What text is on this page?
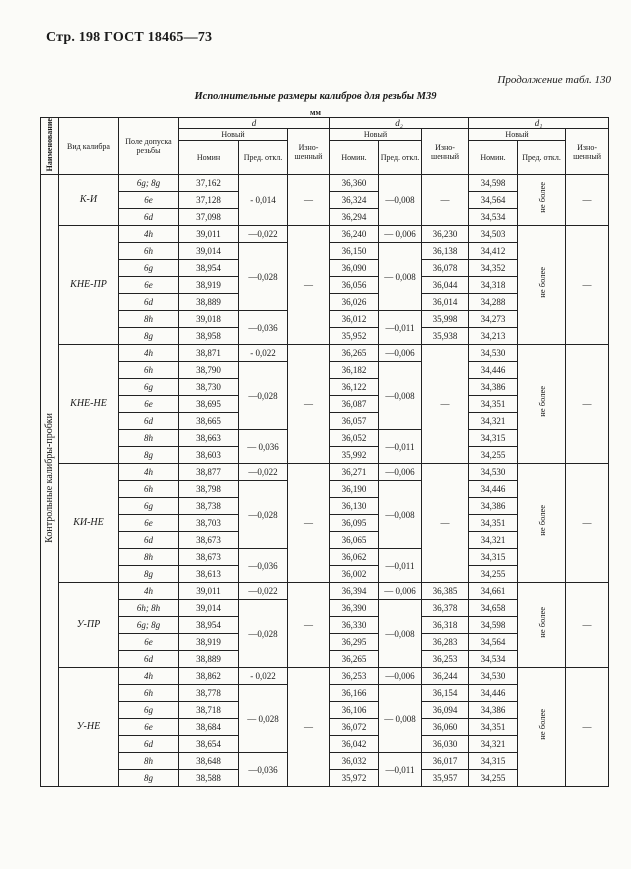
Стр. 198 ГОСТ 18465—73
Продолжение табл. 130
Исполнительные размеры калибров для резьбы М39
мм
Наименование	Вид калибра	Поле допуска резьбы	d			d₂			d₁		
			Новый		Изно-шенный	Новый		Изно-шенный	Новый		Изно-шенный
			Номин	Пред. откл.		Номин.	Пред. откл.		Номин.	Пред. откл.	
Контрольные калибры-пробки	К-И	6g; 8g	37,162	- 0,014	—	36,360	—0,008	—	34,598	не более	—
		6e	37,128			36,324			34,564		
		6d	37,098			36,294			34,534		
	КНЕ-ПР	4h	39,011	—0,022	—	36,240	— 0,006	36,230	34,503	не более	—
		6h	39,014	—0,028		36,150	— 0,008	36,138	34,412		
		6g	38,954			36,090		36,078	34,352		
		6e	38,919			36,056		36,044	34,318		
		6d	38,889			36,026		36,014	34,288		
		8h	39,018	—0,036		36,012	—0,011	35,998	34,273		
		8g	38,958			35,952		35,938	34,213		
	КНЕ-НЕ	4h	38,871	- 0,022	—	36,265	—0,006	—	34,530	не более	—
		6h	38,790	—0,028		36,182	—0,008		34,446		
		6g	38,730			36,122			34,386		
		6e	38,695			36,087			34,351		
		6d	38,665			36,057			34,321		
		8h	38,663	— 0,036		36,052	—0,011		34,315		
		8g	38,603			35,992			34,255		
	КИ-НЕ	4h	38,877	—0,022	—	36,271	—0,006	—	34,530	не более	—
		6h	38,798	—0,028		36,190	—0,008		34,446		
		6g	38,738			36,130			34,386		
		6e	38,703			36,095			34,351		
		6d	38,673			36,065			34,321		
		8h	38,673	—0,036		36,062	—0,011		34,315		
		8g	38,613			36,002			34,255		
	У-ПР	4h	39,011	—0,022	—	36,394	— 0,006	36,385	34,661	не более	—
		6h; 8h	39,014	—0,028		36,390	—0,008	36,378	34,658		
		6g; 8g	38,954			36,330		36,318	34,598		
		6e	38,919			36,295		36,283	34,564		
		6d	38,889			36,265		36,253	34,534		
	У-НЕ	4h	38,862	- 0,022	—	36,253	—0,006	36,244	34,530	не более	—
		6h	38,778	— 0,028		36,166	— 0,008	36,154	34,446		
		6g	38,718			36,106		36,094	34,386		
		6e	38,684			36,072		36,060	34,351		
		6d	38,654			36,042		36,030	34,321		
		8h	38,648	—0,036		36,032	—0,011	36,017	34,315		
		8g	38,588			35,972		35,957	34,255		
